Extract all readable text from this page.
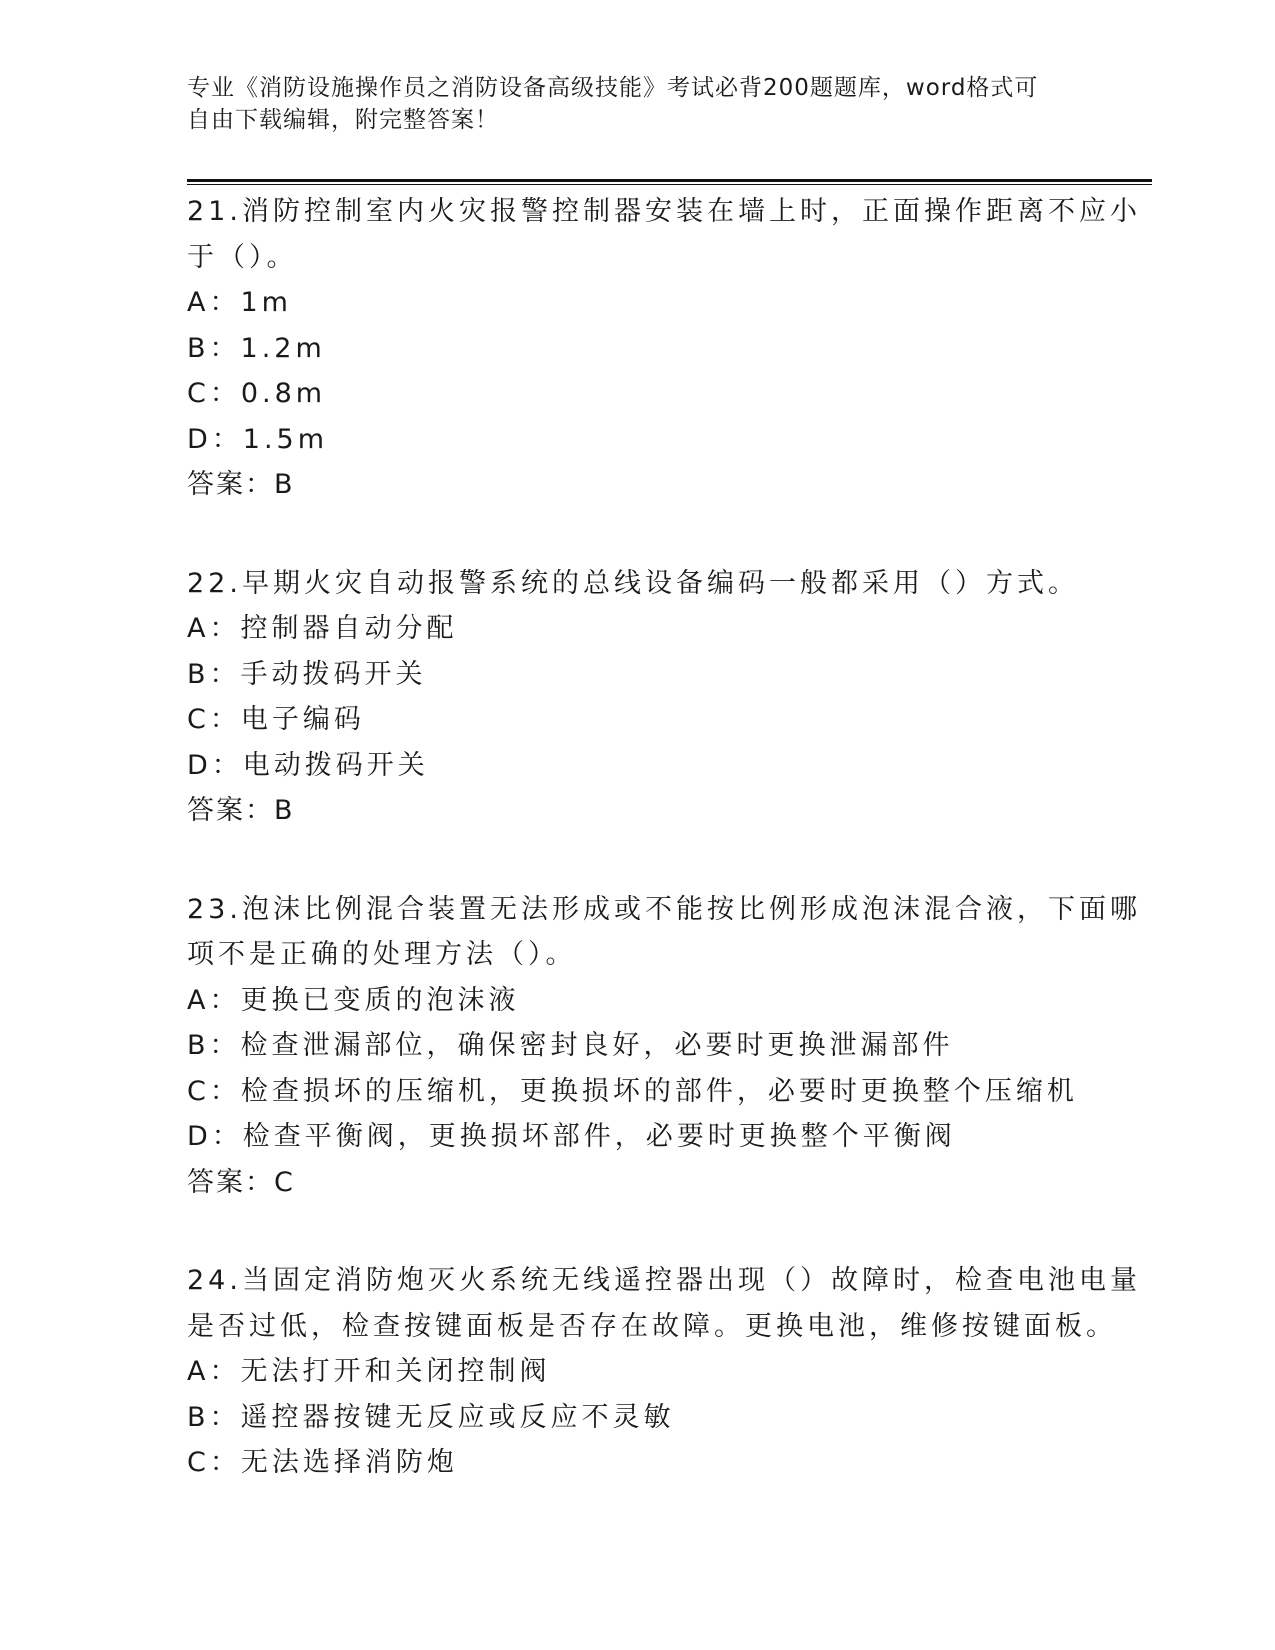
专业《消防设施操作员之消防设备高级技能》考试必背200题题库，word格式可
自由下载编辑，附完整答案！
21.消防控制室内火灾报警控制器安装在墙上时，正面操作距离不应小
于（）。
A：1m
B：1.2m
C：0.8m
D：1.5m
答案：B
22.早期火灾自动报警系统的总线设备编码一般都采用（）方式。
A：控制器自动分配
B：手动拨码开关
C：电子编码
D：电动拨码开关
答案：B
23.泡沫比例混合装置无法形成或不能按比例形成泡沫混合液，下面哪
项不是正确的处理方法（）。
A：更换已变质的泡沫液
B：检查泄漏部位，确保密封良好，必要时更换泄漏部件
C：检查损坏的压缩机，更换损坏的部件，必要时更换整个压缩机
D：检查平衡阀，更换损坏部件，必要时更换整个平衡阀
答案：C
24.当固定消防炮灭火系统无线遥控器出现（）故障时，检查电池电量
是否过低，检查按键面板是否存在故障。更换电池，维修按键面板。
A：无法打开和关闭控制阀
B：遥控器按键无反应或反应不灵敏
C：无法选择消防炮
